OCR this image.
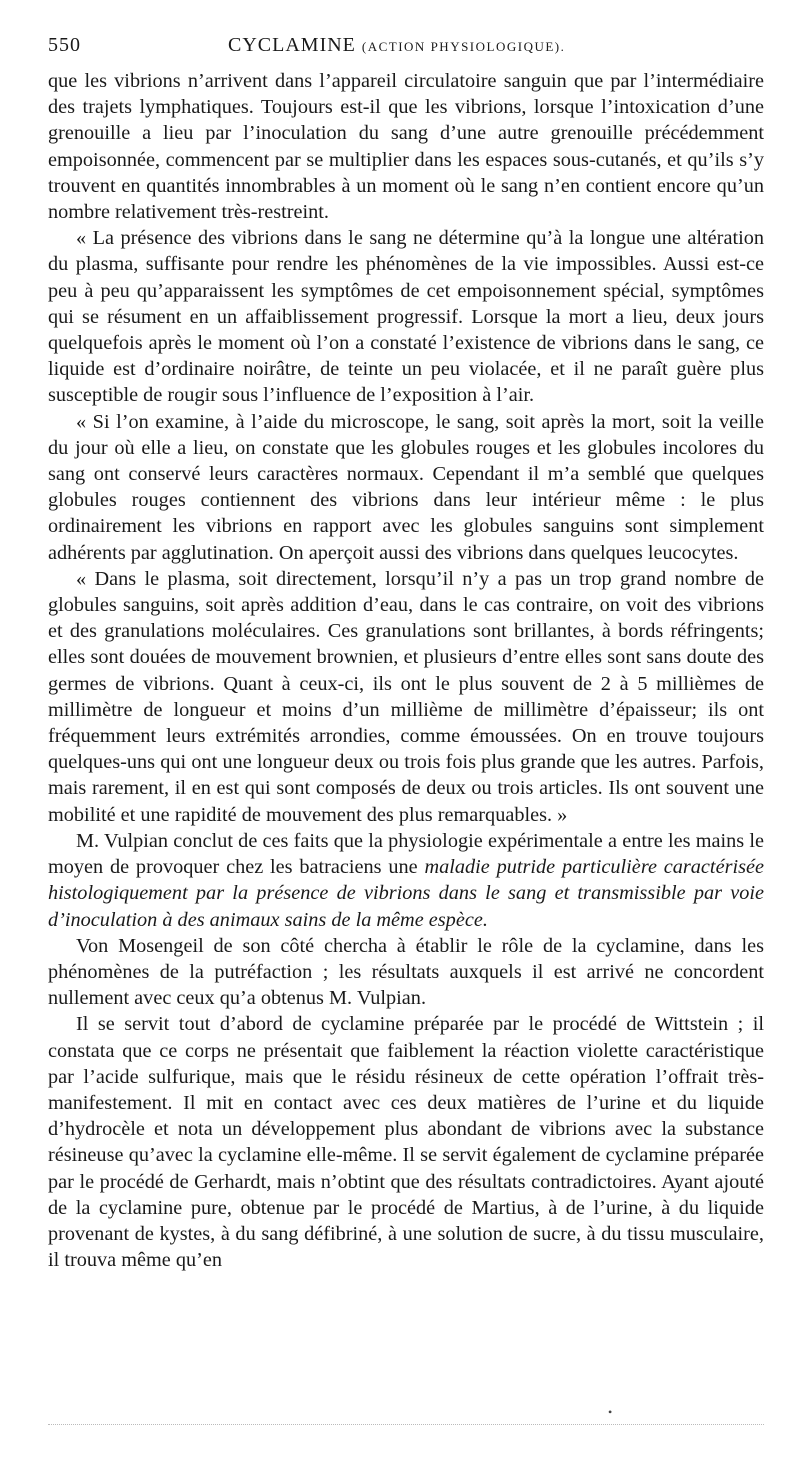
550	CYCLAMINE (ACTION PHYSIOLOGIQUE).

que les vibrions n’arrivent dans l’appareil circulatoire sanguin que par l’intermédiaire des trajets lymphatiques. Toujours est-il que les vibrions, lorsque l’intoxication d’une grenouille a lieu par l’inoculation du sang d’une autre grenouille précédemment empoisonnée, commencent par se multiplier dans les espaces sous-cutanés, et qu’ils s’y trouvent en quantités innombrables à un moment où le sang n’en contient encore qu’un nombre relativement très-restreint.

« La présence des vibrions dans le sang ne détermine qu’à la longue une altération du plasma, suffisante pour rendre les phénomènes de la vie impossibles. Aussi est-ce peu à peu qu’apparaissent les symptômes de cet empoisonnement spécial, symptômes qui se résument en un affaiblissement progressif. Lorsque la mort a lieu, deux jours quelquefois après le moment où l’on a constaté l’existence de vibrions dans le sang, ce liquide est d’ordinaire noirâtre, de teinte un peu violacée, et il ne paraît guère plus susceptible de rougir sous l’influence de l’exposition à l’air.

« Si l’on examine, à l’aide du microscope, le sang, soit après la mort, soit la veille du jour où elle a lieu, on constate que les globules rouges et les globules incolores du sang ont conservé leurs caractères normaux. Cependant il m’a semblé que quelques globules rouges contiennent des vibrions dans leur intérieur même : le plus ordinairement les vibrions en rapport avec les globules sanguins sont simplement adhérents par agglutination. On aperçoit aussi des vibrions dans quelques leucocytes.

« Dans le plasma, soit directement, lorsqu’il n’y a pas un trop grand nombre de globules sanguins, soit après addition d’eau, dans le cas contraire, on voit des vibrions et des granulations moléculaires. Ces granulations sont brillantes, à bords réfringents; elles sont douées de mouvement brownien, et plusieurs d’entre elles sont sans doute des germes de vibrions. Quant à ceux-ci, ils ont le plus souvent de 2 à 5 millièmes de millimètre de longueur et moins d’un millième de millimètre d’épaisseur; ils ont fréquemment leurs extrémités arrondies, comme émoussées. On en trouve toujours quelques-uns qui ont une longueur deux ou trois fois plus grande que les autres. Parfois, mais rarement, il en est qui sont composés de deux ou trois articles. Ils ont souvent une mobilité et une rapidité de mouvement des plus remarquables. »

M. Vulpian conclut de ces faits que la physiologie expérimentale a entre les mains le moyen de provoquer chez les batraciens une maladie putride particulière caractérisée histologiquement par la présence de vibrions dans le sang et transmissible par voie d’inoculation à des animaux sains de la même espèce.

Von Mosengeil de son côté chercha à établir le rôle de la cyclamine, dans les phénomènes de la putréfaction ; les résultats auxquels il est arrivé ne concordent nullement avec ceux qu’a obtenus M. Vulpian.

Il se servit tout d’abord de cyclamine préparée par le procédé de Wittstein ; il constata que ce corps ne présentait que faiblement la réaction violette caractéristique par l’acide sulfurique, mais que le résidu résineux de cette opération l’offrait très-manifestement. Il mit en contact avec ces deux matières de l’urine et du liquide d’hydrocèle et nota un développement plus abondant de vibrions avec la substance résineuse qu’avec la cyclamine elle-même. Il se servit également de cyclamine préparée par le procédé de Gerhardt, mais n’obtint que des résultats contradictoires. Ayant ajouté de la cyclamine pure, obtenue par le procédé de Martius, à de l’urine, à du liquide provenant de kystes, à du sang défibriné, à une solution de sucre, à du tissu musculaire, il trouva même qu’en

•
